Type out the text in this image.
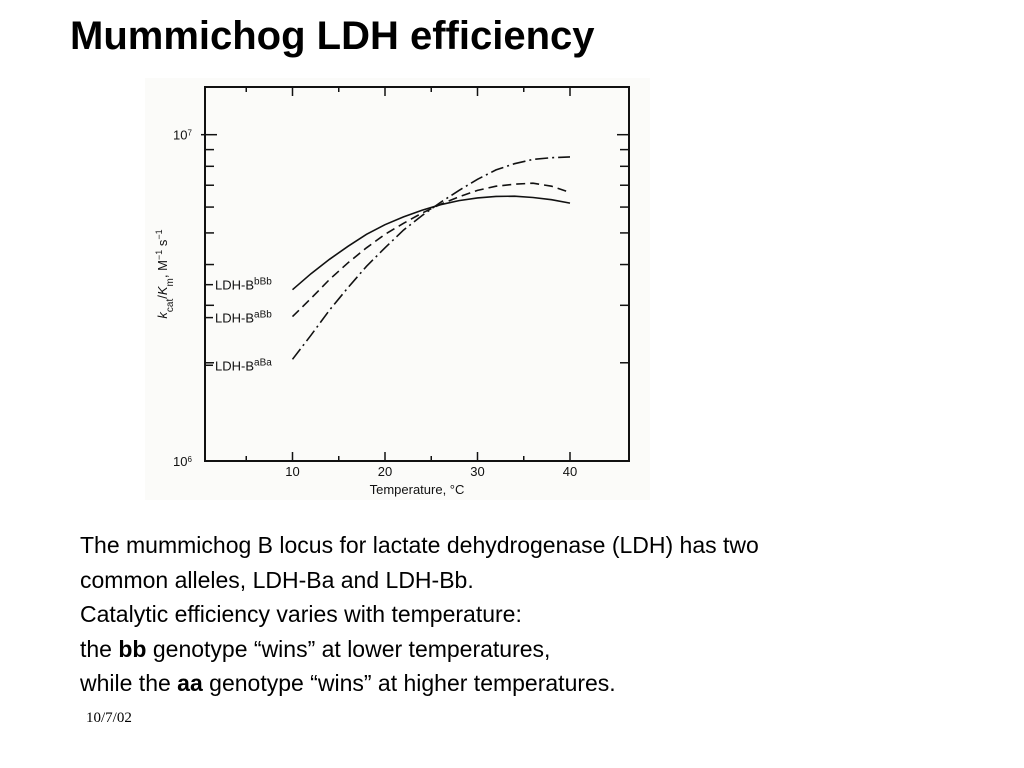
Mummichog LDH efficiency
$k_{cat}/K_m$, $M^{-1}$ $s^{-1}$
Temperature, °C
10	20	30	40
$10^6$
$10^7$
LDH-$B^{bBb}$
LDH-$B^{aBb}$
LDH-$B^{aBa}$
The mummichog B locus for lactate dehydrogenase (LDH) has two
common alleles, LDH-Ba and LDH-Bb.
Catalytic efficiency varies with temperature:
the bb genotype “wins” at lower temperatures,
while the aa genotype “wins” at higher temperatures.
10/7/02
